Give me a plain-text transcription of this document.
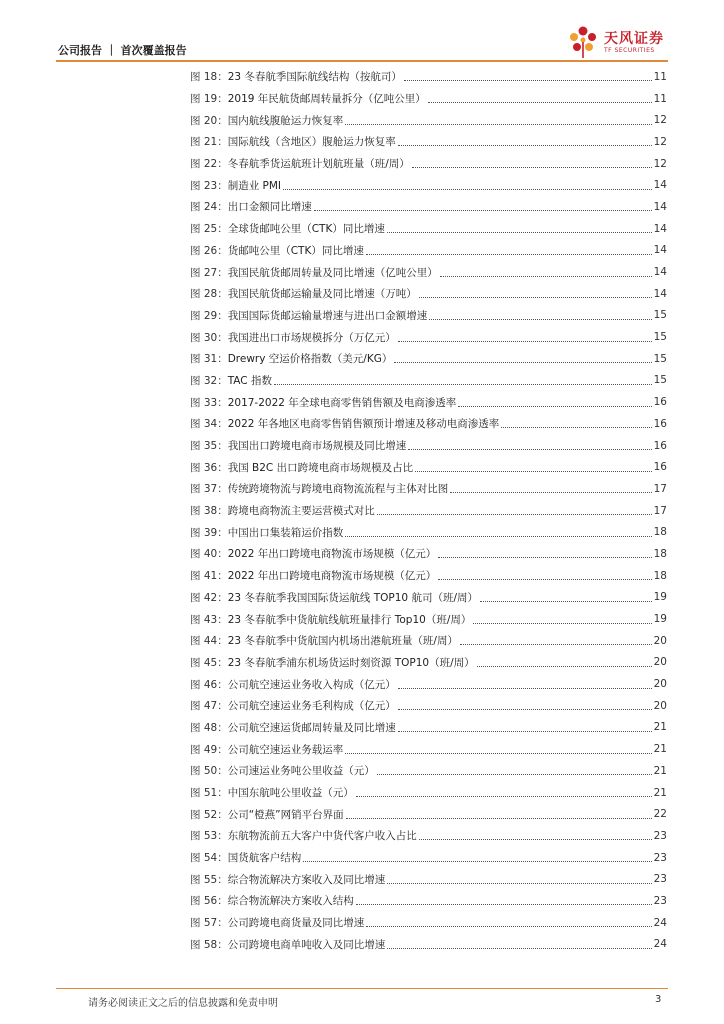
公司报告 ｜ 首次覆盖报告
天风证券
TF SECURITIES
图 18： 23 冬春航季国际航线结构（按航司）	11
图 19： 2019 年民航货邮周转量拆分（亿吨公里）	11
图 20： 国内航线腹舱运力恢复率	12
图 21： 国际航线（含地区）腹舱运力恢复率	12
图 22： 冬春航季货运航班计划航班量（班/周）	12
图 23： 制造业 PMI	14
图 24： 出口金额同比增速	14
图 25： 全球货邮吨公里（CTK）同比增速	14
图 26： 货邮吨公里（CTK）同比增速	14
图 27： 我国民航货邮周转量及同比增速（亿吨公里）	14
图 28： 我国民航货邮运输量及同比增速（万吨）	14
图 29： 我国国际货邮运输量增速与进出口金额增速	15
图 30： 我国进出口市场规模拆分（万亿元）	15
图 31： Drewry 空运价格指数（美元/KG）	15
图 32： TAC 指数	15
图 33： 2017-2022 年全球电商零售销售额及电商渗透率	16
图 34： 2022 年各地区电商零售销售额预计增速及移动电商渗透率	16
图 35： 我国出口跨境电商市场规模及同比增速	16
图 36： 我国 B2C 出口跨境电商市场规模及占比	16
图 37： 传统跨境物流与跨境电商物流流程与主体对比图	17
图 38： 跨境电商物流主要运营模式对比	17
图 39： 中国出口集装箱运价指数	18
图 40： 2022 年出口跨境电商物流市场规模（亿元）	18
图 41： 2022 年出口跨境电商物流市场规模（亿元）	18
图 42： 23 冬春航季我国国际货运航线 TOP10 航司（班/周）	19
图 43： 23 冬春航季中货航航线航班量排行 Top10（班/周）	19
图 44： 23 冬春航季中货航国内机场出港航班量（班/周）	20
图 45： 23 冬春航季浦东机场货运时刻资源 TOP10（班/周）	20
图 46： 公司航空速运业务收入构成（亿元）	20
图 47： 公司航空速运业务毛利构成（亿元）	20
图 48： 公司航空速运货邮周转量及同比增速	21
图 49： 公司航空速运业务载运率	21
图 50： 公司速运业务吨公里收益（元）	21
图 51： 中国东航吨公里收益（元）	21
图 52： 公司“橙燕”网销平台界面	22
图 53： 东航物流前五大客户中货代客户收入占比	23
图 54： 国货航客户结构	23
图 55： 综合物流解决方案收入及同比增速	23
图 56： 综合物流解决方案收入结构	23
图 57： 公司跨境电商货量及同比增速	24
图 58： 公司跨境电商单吨收入及同比增速	24
请务必阅读正文之后的信息披露和免责申明	3
